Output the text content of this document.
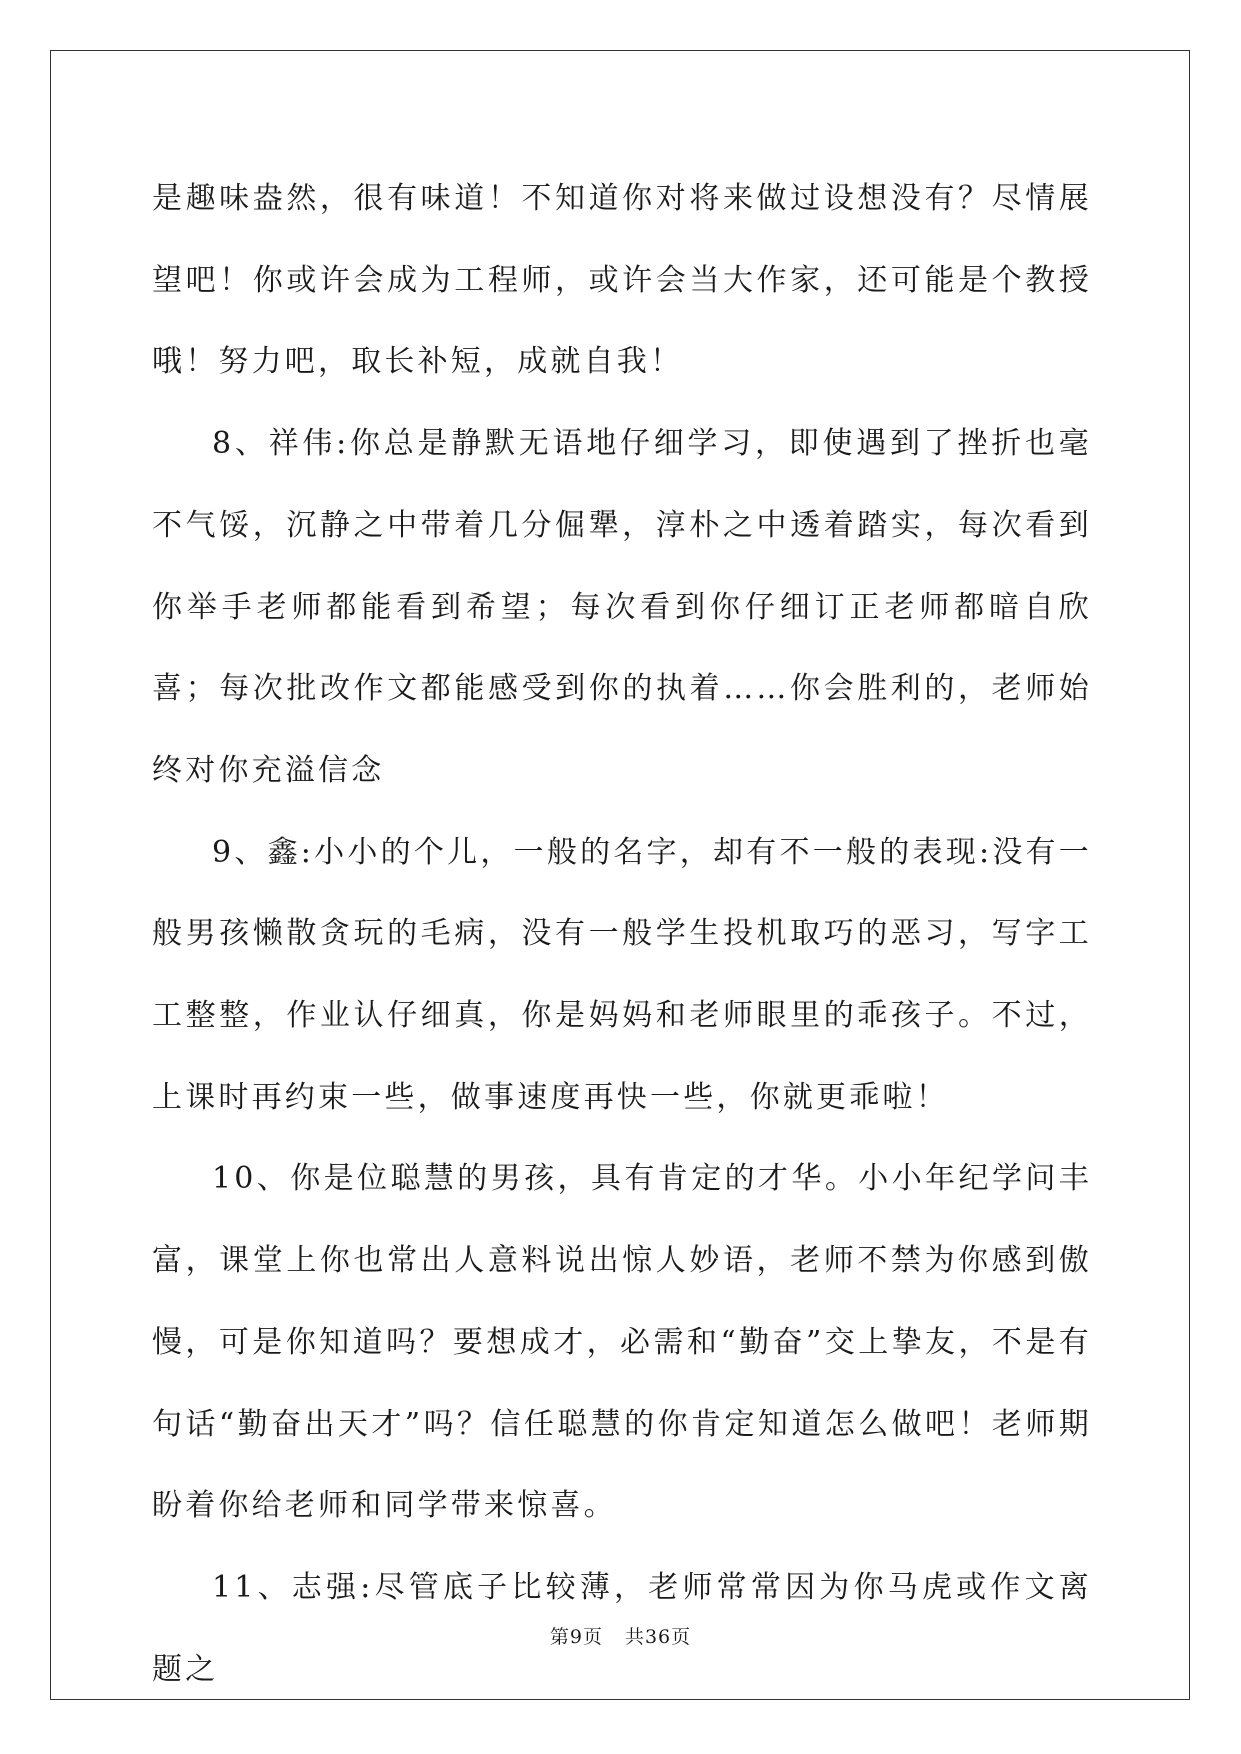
是趣味盎然，很有味道！不知道你对将来做过设想没有？尽情展望吧！你或许会成为工程师，或许会当大作家，还可能是个教授哦！努力吧，取长补短，成就自我！

8、祥伟:你总是静默无语地仔细学习，即使遇到了挫折也毫不气馁，沉静之中带着几分倔犟，淳朴之中透着踏实，每次看到你举手老师都能看到希望；每次看到你仔细订正老师都暗自欣喜；每次批改作文都能感受到你的执着……你会胜利的，老师始终对你充溢信念

9、鑫:小小的个儿，一般的名字，却有不一般的表现:没有一般男孩懒散贪玩的毛病，没有一般学生投机取巧的恶习，写字工工整整，作业认仔细真，你是妈妈和老师眼里的乖孩子。不过，上课时再约束一些，做事速度再快一些，你就更乖啦！

10、你是位聪慧的男孩，具有肯定的才华。小小年纪学问丰富，课堂上你也常出人意料说出惊人妙语，老师不禁为你感到傲慢，可是你知道吗？要想成才，必需和“勤奋”交上挚友，不是有句话“勤奋出天才”吗？信任聪慧的你肯定知道怎么做吧！老师期盼着你给老师和同学带来惊喜。

11、志强:尽管底子比较薄，老师常常因为你马虎或作文离题之

第9页 共36页
